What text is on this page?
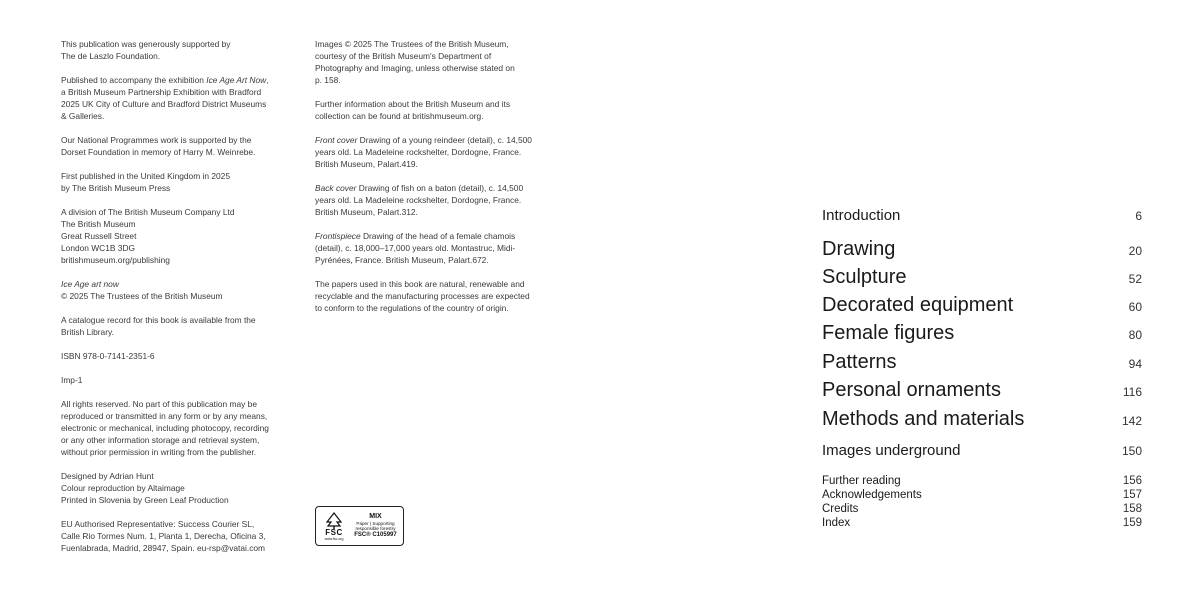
This publication was generously supported by
The de Laszlo Foundation.

Published to accompany the exhibition Ice Age Art Now,
a British Museum Partnership Exhibition with Bradford
2025 UK City of Culture and Bradford District Museums
& Galleries.

Our National Programmes work is supported by the
Dorset Foundation in memory of Harry M. Weinrebe.

First published in the United Kingdom in 2025
by The British Museum Press

A division of The British Museum Company Ltd
The British Museum
Great Russell Street
London WC1B 3DG
britishmuseum.org/publishing

Ice Age art now
© 2025 The Trustees of the British Museum

A catalogue record for this book is available from the
British Library.

ISBN 978-0-7141-2351-6

Imp-1

All rights reserved. No part of this publication may be
reproduced or transmitted in any form or by any means,
electronic or mechanical, including photocopy, recording
or any other information storage and retrieval system,
without prior permission in writing from the publisher.

Designed by Adrian Hunt
Colour reproduction by Altaimage
Printed in Slovenia by Green Leaf Production

EU Authorised Representative: Success Courier SL,
Calle Rio Tormes Num. 1, Planta 1, Derecha, Oficina 3,
Fuenlabrada, Madrid, 28947, Spain. eu-rsp@vatai.com

Images © 2025 The Trustees of the British Museum,
courtesy of the British Museum's Department of
Photography and Imaging, unless otherwise stated on
p. 158.

Further information about the British Museum and its
collection can be found at britishmuseum.org.

Front cover Drawing of a young reindeer (detail), c. 14,500
years old. La Madeleine rockshelter, Dordogne, France.
British Museum, Palart.419.

Back cover Drawing of fish on a baton (detail), c. 14,500
years old. La Madeleine rockshelter, Dordogne, France.
British Museum, Palart.312.

Frontispiece Drawing of the head of a female chamois
(detail), c. 18,000–17,000 years old. Montastruc, Midi-
Pyrénées, France. British Museum, Palart.672.

The papers used in this book are natural, renewable and
recyclable and the manufacturing processes are expected
to conform to the regulations of the country of origin.

FSC
www.fsc.org
MIX
Paper | Supporting
responsible forestry
FSC® C105997
Introduction	6
Drawing	20
Sculpture	52
Decorated equipment	60
Female figures	80
Patterns	94
Personal ornaments	116
Methods and materials	142
Images underground	150
Further reading	156
Acknowledgements	157
Credits	158
Index	159
